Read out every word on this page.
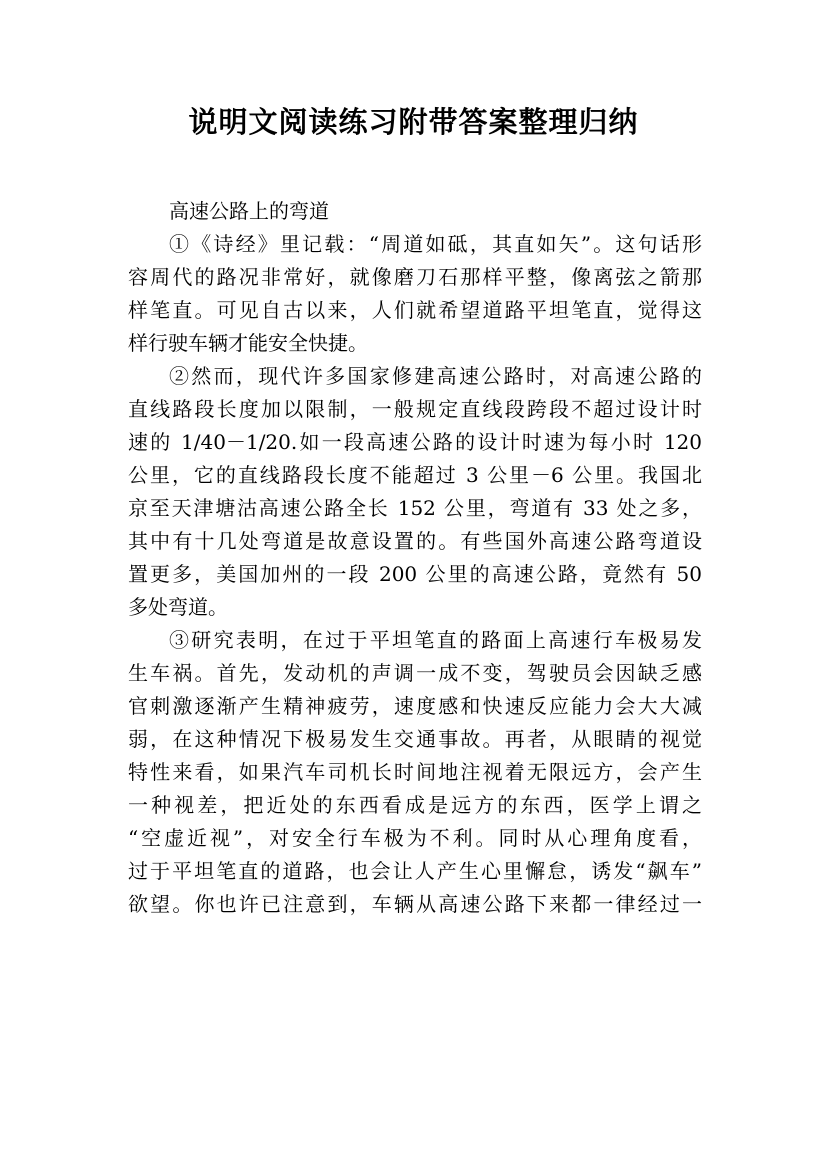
说明文阅读练习附带答案整理归纳
高速公路上的弯道
①《诗经》里记载：“周道如砥，其直如矢”。这句话形
容周代的路况非常好，就像磨刀石那样平整，像离弦之箭那
样笔直。可见自古以来，人们就希望道路平坦笔直，觉得这
样行驶车辆才能安全快捷。
②然而，现代许多国家修建高速公路时，对高速公路的
直线路段长度加以限制，一般规定直线段跨段不超过设计时
速的 1/40－1/20.如一段高速公路的设计时速为每小时 120
公里，它的直线路段长度不能超过 3 公里－6 公里。我国北
京至天津塘沽高速公路全长 152 公里，弯道有 33 处之多，
其中有十几处弯道是故意设置的。有些国外高速公路弯道设
置更多，美国加州的一段 200 公里的高速公路，竟然有 50
多处弯道。
③研究表明，在过于平坦笔直的路面上高速行车极易发
生车祸。首先，发动机的声调一成不变，驾驶员会因缺乏感
官刺激逐渐产生精神疲劳，速度感和快速反应能力会大大减
弱，在这种情况下极易发生交通事故。再者，从眼睛的视觉
特性来看，如果汽车司机长时间地注视着无限远方，会产生
一种视差，把近处的东西看成是远方的东西，医学上谓之
“空虚近视”，对安全行车极为不利。同时从心理角度看，
过于平坦笔直的道路，也会让人产生心里懈怠，诱发“飙车”
欲望。你也许已注意到，车辆从高速公路下来都一律经过一
